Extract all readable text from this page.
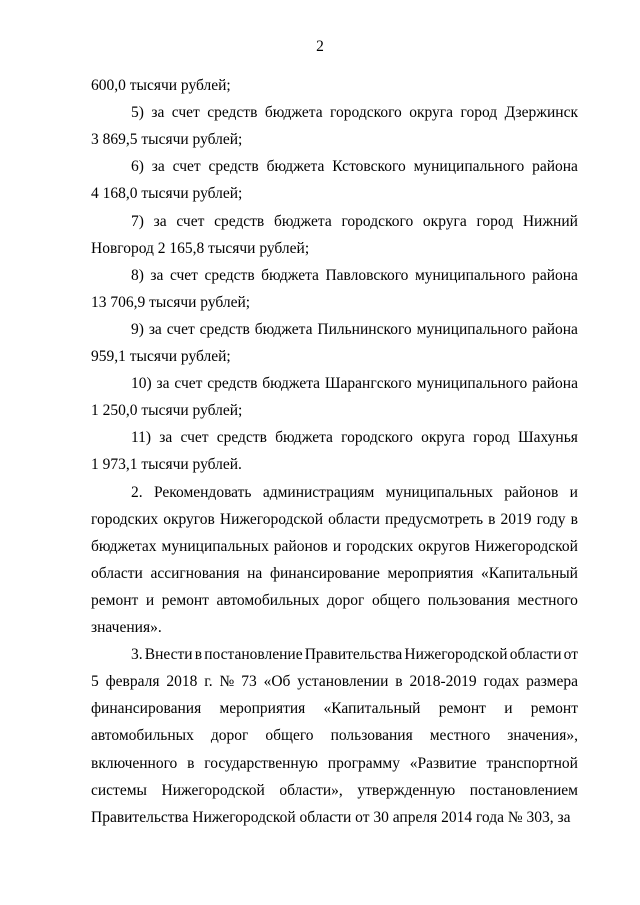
2
600,0 тысячи рублей;
5) за счет средств бюджета городского округа город Дзержинск
3 869,5 тысячи рублей;
6) за счет средств бюджета Кстовского муниципального района
4 168,0 тысячи рублей;
7) за счет средств бюджета городского округа город Нижний
Новгород 2 165,8 тысячи рублей;
8) за счет средств бюджета Павловского муниципального района
13 706,9 тысячи рублей;
9) за счет средств бюджета Пильнинского муниципального района
959,1 тысячи рублей;
10) за счет средств бюджета Шарангского муниципального района
1 250,0 тысячи рублей;
11) за счет средств бюджета городского округа город Шахунья
1 973,1 тысячи рублей.
2. Рекомендовать администрациям муниципальных районов и
городских округов Нижегородской области предусмотреть в 2019 году в
бюджетах муниципальных районов и городских округов Нижегородской
области ассигнования на финансирование мероприятия «Капитальный
ремонт и ремонт автомобильных дорог общего пользования местного
значения».
3. Внести в постановление Правительства Нижегородской области от
5 февраля 2018 г. № 73 «Об установлении в 2018-2019 годах размера
финансирования мероприятия «Капитальный ремонт и ремонт
автомобильных дорог общего пользования местного значения»,
включенного в государственную программу «Развитие транспортной
системы Нижегородской области», утвержденную постановлением
Правительства Нижегородской области от 30 апреля 2014 года № 303, за
